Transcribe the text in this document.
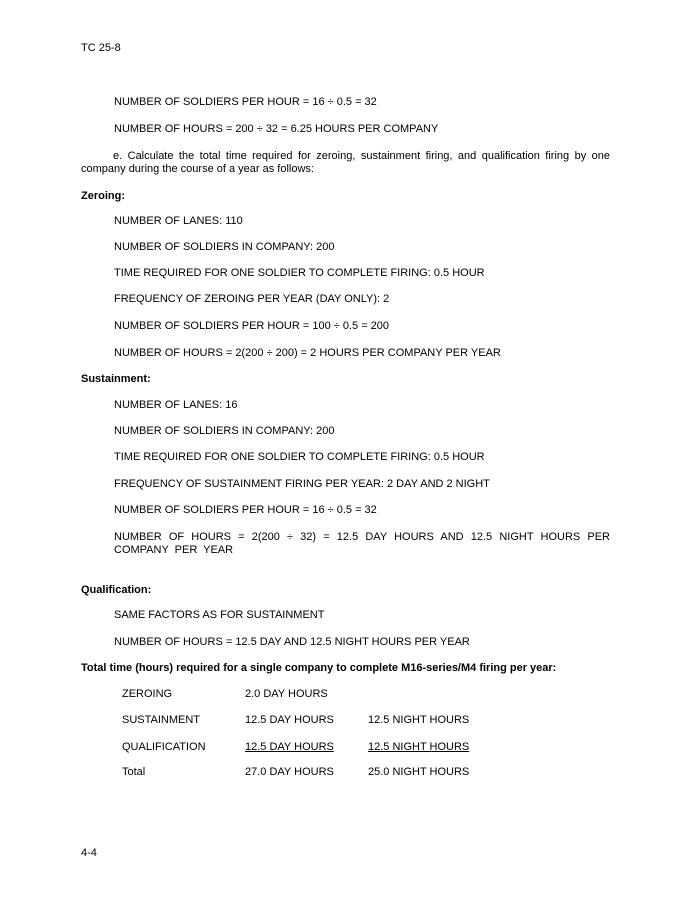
TC 25-8
NUMBER OF SOLDIERS PER HOUR = 16 ÷ 0.5 = 32
NUMBER OF HOURS = 200 ÷ 32 = 6.25 HOURS PER COMPANY
e. Calculate the total time required for zeroing, sustainment firing, and qualification firing by one company during the course of a year as follows:
Zeroing:
NUMBER OF LANES: 110
NUMBER OF SOLDIERS IN COMPANY: 200
TIME REQUIRED FOR ONE SOLDIER TO COMPLETE FIRING: 0.5 HOUR
FREQUENCY OF ZEROING PER YEAR (DAY ONLY): 2
NUMBER OF SOLDIERS PER HOUR = 100 ÷ 0.5 = 200
NUMBER OF HOURS = 2(200 ÷ 200) = 2 HOURS PER COMPANY PER YEAR
Sustainment:
NUMBER OF LANES: 16
NUMBER OF SOLDIERS IN COMPANY: 200
TIME REQUIRED FOR ONE SOLDIER TO COMPLETE FIRING: 0.5 HOUR
FREQUENCY OF SUSTAINMENT FIRING PER YEAR: 2 DAY AND 2 NIGHT
NUMBER OF SOLDIERS PER HOUR = 16 ÷ 0.5 = 32
NUMBER OF HOURS = 2(200 ÷ 32) = 12.5 DAY HOURS AND 12.5 NIGHT HOURS PER COMPANY PER YEAR
Qualification:
SAME FACTORS AS FOR SUSTAINMENT
NUMBER OF HOURS = 12.5 DAY AND 12.5 NIGHT HOURS PER YEAR
Total time (hours) required for a single company to complete M16-series/M4 firing per year:
ZEROING	2.0 DAY HOURS
SUSTAINMENT	12.5 DAY HOURS	12.5 NIGHT HOURS
QUALIFICATION	12.5 DAY HOURS	12.5 NIGHT HOURS
Total	27.0 DAY HOURS	25.0 NIGHT HOURS
4-4
